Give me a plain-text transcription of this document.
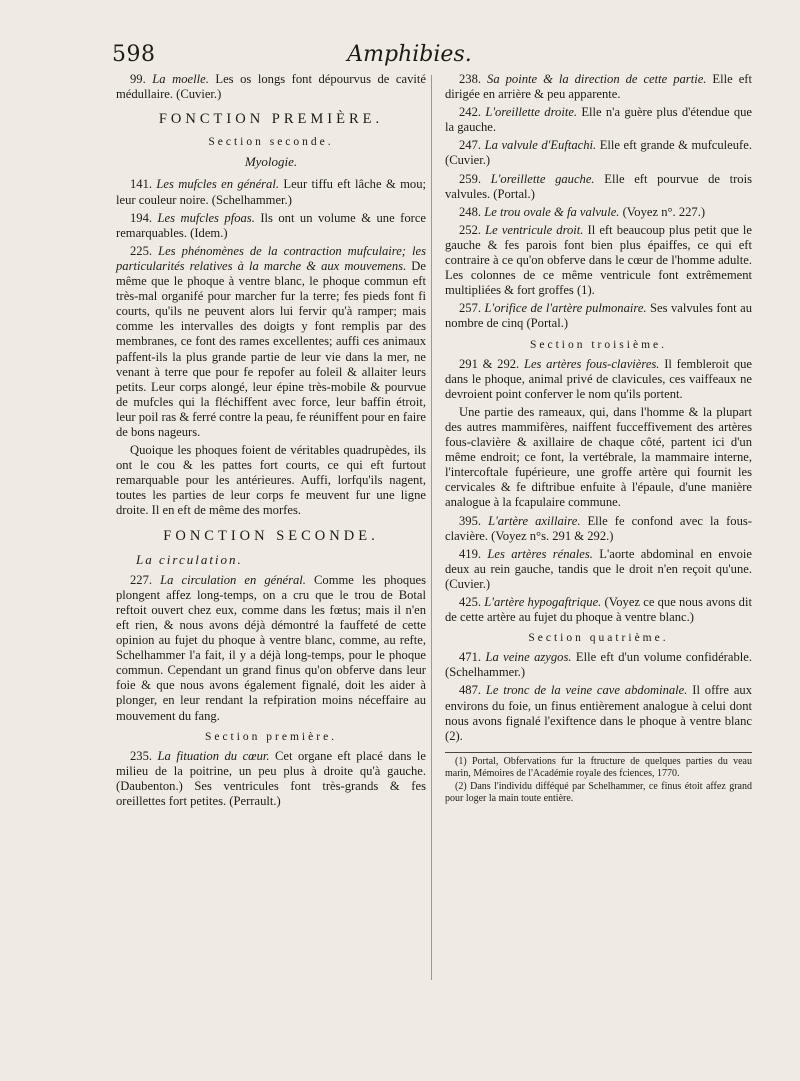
598	Amphibies.

99. La moelle. Les os longs font dépourvus de cavité médullaire. (Cuvier.)

FONCTION PREMIÈRE.

Section seconde.

Myologie.

141. Les mufcles en général. Leur tiffu eft lâche & mou; leur couleur noire. (Schelhammer.)

194. Les mufcles pfoas. Ils ont un volume & une force remarquables. (Idem.)

225. Les phénomènes de la contraction mufculaire; les particularités relatives à la marche & aux mouvemens. De même que le phoque à ventre blanc, le phoque commun eft très-mal organifé pour marcher fur la terre; fes pieds font fi courts, qu'ils ne peuvent alors lui fervir qu'à ramper; mais comme les intervalles des doigts y font remplis par des membranes, ce font des rames excellentes; auffi ces animaux paffent-ils la plus grande partie de leur vie dans la mer, ne venant à terre que pour fe repofer au foleil & allaiter leurs petits. Leur corps alongé, leur épine très-mobile & pourvue de mufcles qui la fléchiffent avec force, leur baffin étroit, leur poil ras & ferré contre la peau, fe réuniffent pour en faire de bons nageurs.

Quoique les phoques foient de véritables quadrupèdes, ils ont le cou & les pattes fort courts, ce qui eft furtout remarquable pour les antérieures. Auffi, lorfqu'ils nagent, toutes les parties de leur corps fe meuvent fur une ligne droite. Il en eft de même des morfes.

FONCTION SECONDE.

La circulation.

227. La circulation en général. Comme les phoques plongent affez long-temps, on a cru que le trou de Botal reftoit ouvert chez eux, comme dans les fœtus; mais il n'en eft rien, & nous avons déjà démontré la fauffeté de cette opinion au fujet du phoque à ventre blanc, comme, au refte, Schelhammer l'a fait, il y a déjà long-temps, pour le phoque commun. Cependant un grand finus qu'on obferve dans leur foie & que nous avons également fignalé, doit les aider à plonger, en leur rendant la refpiration moins néceffaire au mouvement du fang.

Section première.

235. La fituation du cœur. Cet organe eft placé dans le milieu de la poitrine, un peu plus à droite qu'à gauche. (Daubenton.) Ses ventricules font très-grands & fes oreillettes fort petites. (Perrault.)

238. Sa pointe & la direction de cette partie. Elle eft dirigée en arrière & peu apparente.

242. L'oreillette droite. Elle n'a guère plus d'étendue que la gauche.

247. La valvule d'Euftachi. Elle eft grande & mufculeufe. (Cuvier.)

259. L'oreillette gauche. Elle eft pourvue de trois valvules. (Portal.)

248. Le trou ovale & fa valvule. (Voyez n°. 227.)

252. Le ventricule droit. Il eft beaucoup plus petit que le gauche & fes parois font bien plus épaiffes, ce qui eft contraire à ce qu'on obferve dans le cœur de l'homme adulte. Les colonnes de ce même ventricule font extrêmement multipliées & fort groffes (1).

257. L'orifice de l'artère pulmonaire. Ses valvules font au nombre de cinq (Portal.)

Section troisième.

291 & 292. Les artères fous-clavières. Il fembleroit que dans le phoque, animal privé de clavicules, ces vaiffeaux ne devroient point conferver le nom qu'ils portent.

Une partie des rameaux, qui, dans l'homme & la plupart des autres mammifères, naiffent fucceffivement des artères fous-clavière & axillaire de chaque côté, partent ici d'un même endroit; ce font, la vertébrale, la mammaire interne, l'intercoftale fupérieure, une groffe artère qui fournit les cervicales & fe diftribue enfuite à l'épaule, d'une manière analogue à la fcapulaire commune.

395. L'artère axillaire. Elle fe confond avec la fous-clavière. (Voyez n°s. 291 & 292.)

419. Les artères rénales. L'aorte abdominal en envoie deux au rein gauche, tandis que le droit n'en reçoit qu'une. (Cuvier.)

425. L'artère hypogaftrique. (Voyez ce que nous avons dit de cette artère au fujet du phoque à ventre blanc.)

Section quatrième.

471. La veine azygos. Elle eft d'un volume confidérable. (Schelhammer.)

487. Le tronc de la veine cave abdominale. Il offre aux environs du foie, un finus entièrement analogue à celui dont nous avons fignalé l'exiftence dans le phoque à ventre blanc (2).

(1) Portal, Obfervations fur la ftructure de quelques parties du veau marin, Mémoires de l'Académie royale des fciences, 1770.

(2) Dans l'individu difféqué par Schelhammer, ce finus étoit affez grand pour loger la main toute entière.
